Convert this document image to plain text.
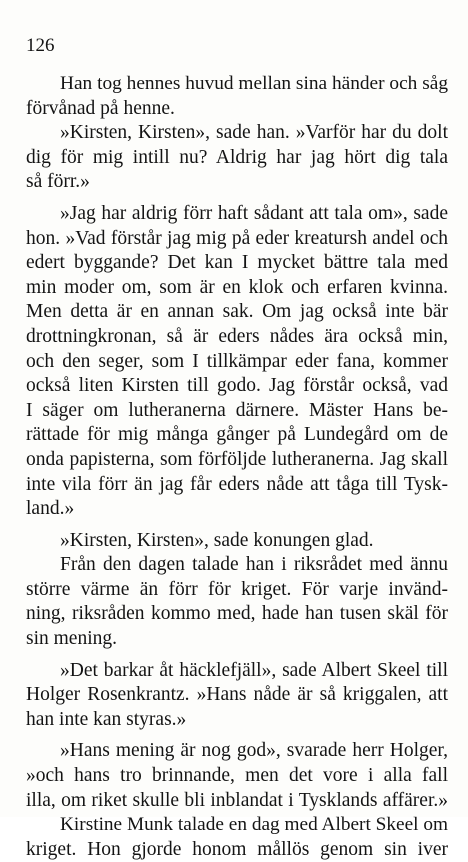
126
Han tog hennes huvud mellan sina händer och såg
förvånad på henne.
»Kirsten, Kirsten», sade han. »Varför har du dolt
dig för mig intill nu? Aldrig har jag hört dig tala
så förr.»
»Jag har aldrig förr haft sådant att tala om», sade
hon. »Vad förstår jag mig på eder kreatursh andel och
edert byggande? Det kan I mycket bättre tala med
min moder om, som är en klok och erfaren kvinna.
Men detta är en annan sak. Om jag också inte bär
drottningkronan, så är eders nådes ära också min,
och den seger, som I tillkämpar eder fana, kommer
också liten Kirsten till godo. Jag förstår också, vad
I säger om lutheranerna därnere. Mäster Hans be-
rättade för mig många gånger på Lundegård om de
onda papisterna, som förföljde lutheranerna. Jag skall
inte vila förr än jag får eders nåde att tåga till Tysk-
land.»
»Kirsten, Kirsten», sade konungen glad.
Från den dagen talade han i riksrådet med ännu
större värme än förr för kriget. För varje invänd-
ning, riksråden kommo med, hade han tusen skäl för
sin mening.
»Det barkar åt häcklefjäll», sade Albert Skeel till
Holger Rosenkrantz. »Hans nåde är så kriggalen, att
han inte kan styras.»
»Hans mening är nog god», svarade herr Holger,
»och hans tro brinnande, men det vore i alla fall
illa, om riket skulle bli inblandat i Tysklands affärer.»
Kirstine Munk talade en dag med Albert Skeel om
kriget. Hon gjorde honom mållös genom sin iver
